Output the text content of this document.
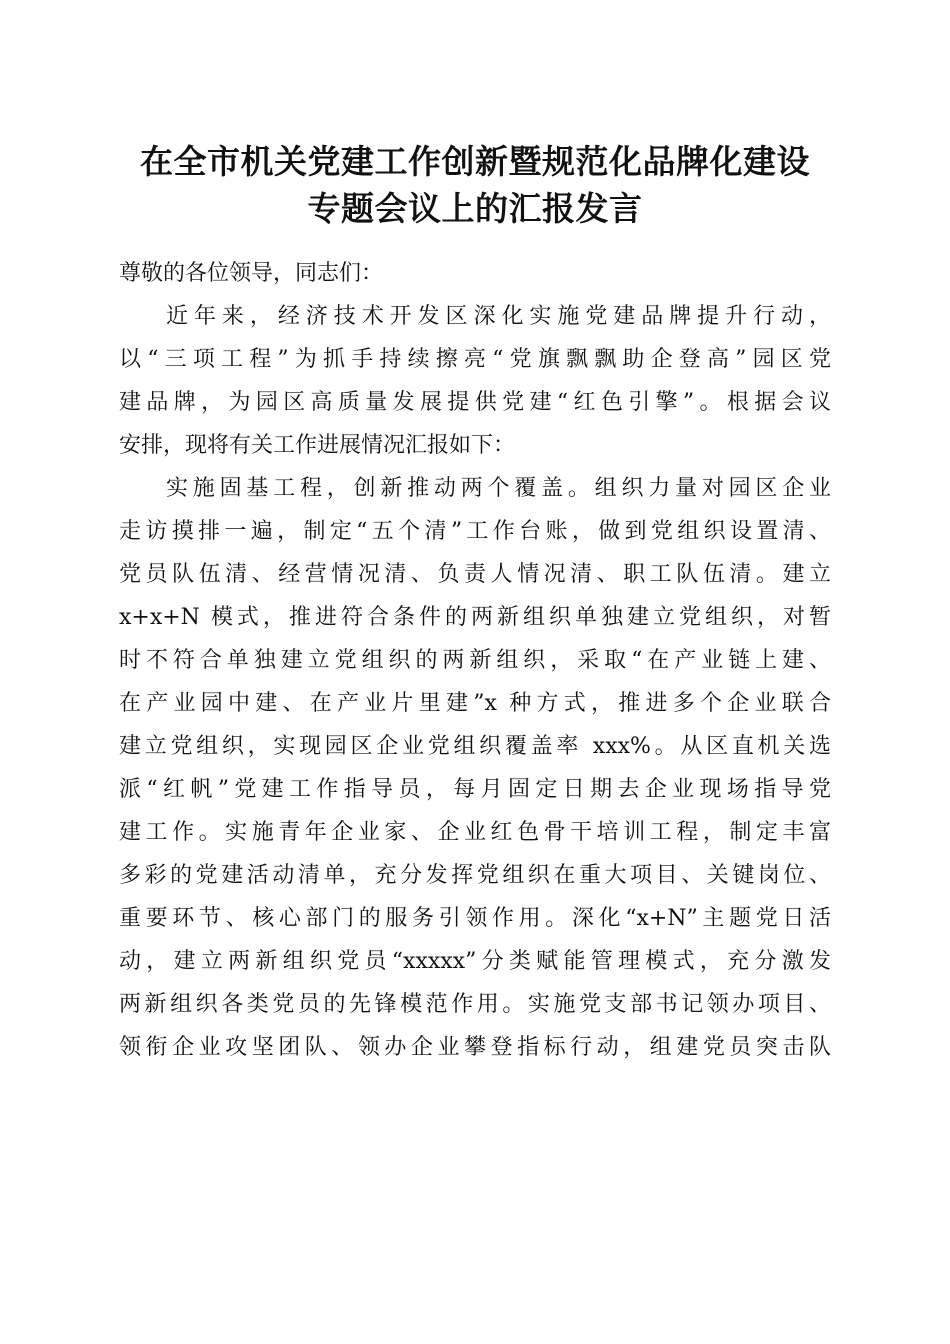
在全市机关党建工作创新暨规范化品牌化建设
专题会议上的汇报发言
尊敬的各位领导，同志们：
近年来，经济技术开发区深化实施党建品牌提升行动，
以“三项工程”为抓手持续擦亮“党旗飘飘助企登高”园区党
建品牌，为园区高质量发展提供党建“红色引擎”。根据会议
安排，现将有关工作进展情况汇报如下：
实施固基工程，创新推动两个覆盖。组织力量对园区企业
走访摸排一遍，制定“五个清”工作台账，做到党组织设置清、
党员队伍清、经营情况清、负责人情况清、职工队伍清。建立
x+x+N 模式，推进符合条件的两新组织单独建立党组织，对暂
时不符合单独建立党组织的两新组织，采取“在产业链上建、
在产业园中建、在产业片里建”x 种方式，推进多个企业联合
建立党组织，实现园区企业党组织覆盖率 xxx%。从区直机关选
派“红帆”党建工作指导员，每月固定日期去企业现场指导党
建工作。实施青年企业家、企业红色骨干培训工程，制定丰富
多彩的党建活动清单，充分发挥党组织在重大项目、关键岗位、
重要环节、核心部门的服务引领作用。深化“x+N”主题党日活
动，建立两新组织党员“xxxxx”分类赋能管理模式，充分激发
两新组织各类党员的先锋模范作用。实施党支部书记领办项目、
领衔企业攻坚团队、领办企业攀登指标行动，组建党员突击队
